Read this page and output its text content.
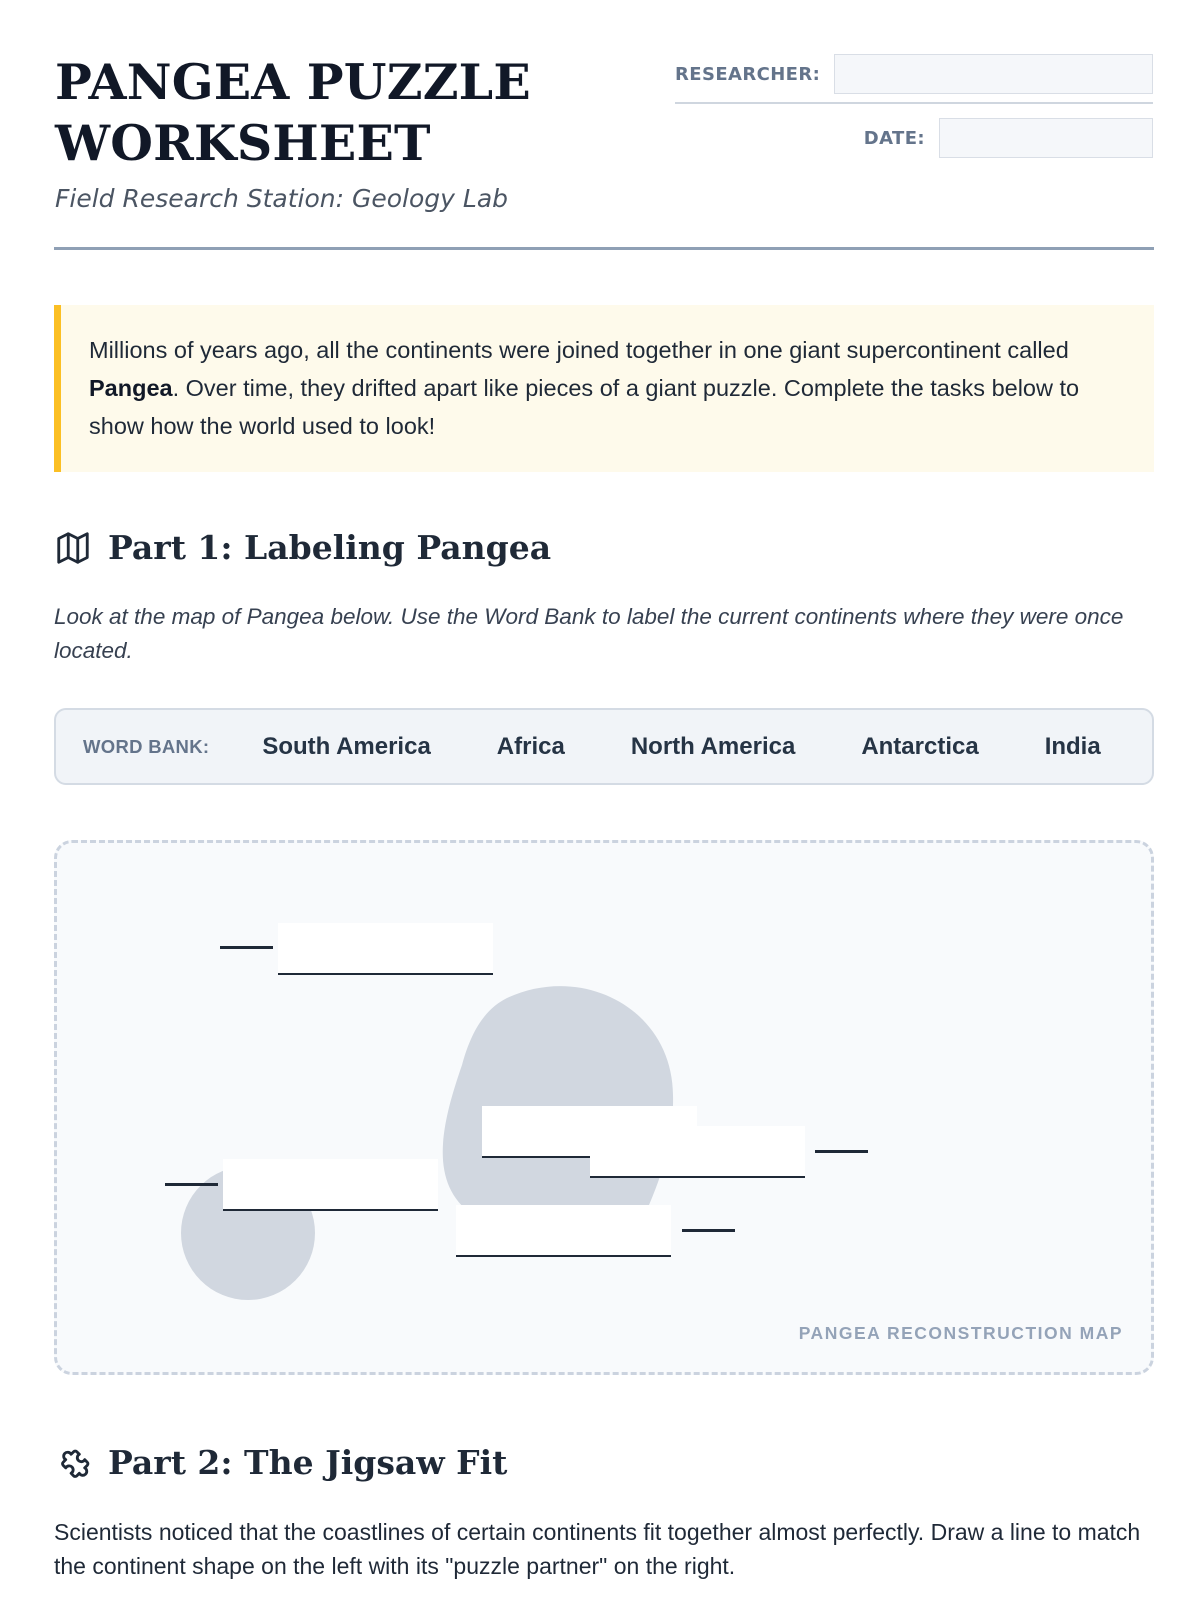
PANGEA PUZZLE
WORKSHEET
Field Research Station: Geology Lab
RESEARCHER:
DATE:
Millions of years ago, all the continents were joined together in one giant supercontinent called Pangea. Over time, they drifted apart like pieces of a giant puzzle. Complete the tasks below to show how the world used to look!
Part 1: Labeling Pangea
Look at the map of Pangea below. Use the Word Bank to label the current continents where they were once located.
WORD BANK:	South America	Africa	North America	Antarctica	India
PANGEA RECONSTRUCTION MAP
Part 2: The Jigsaw Fit
Scientists noticed that the coastlines of certain continents fit together almost perfectly. Draw a line to match the continent shape on the left with its "puzzle partner" on the right.
